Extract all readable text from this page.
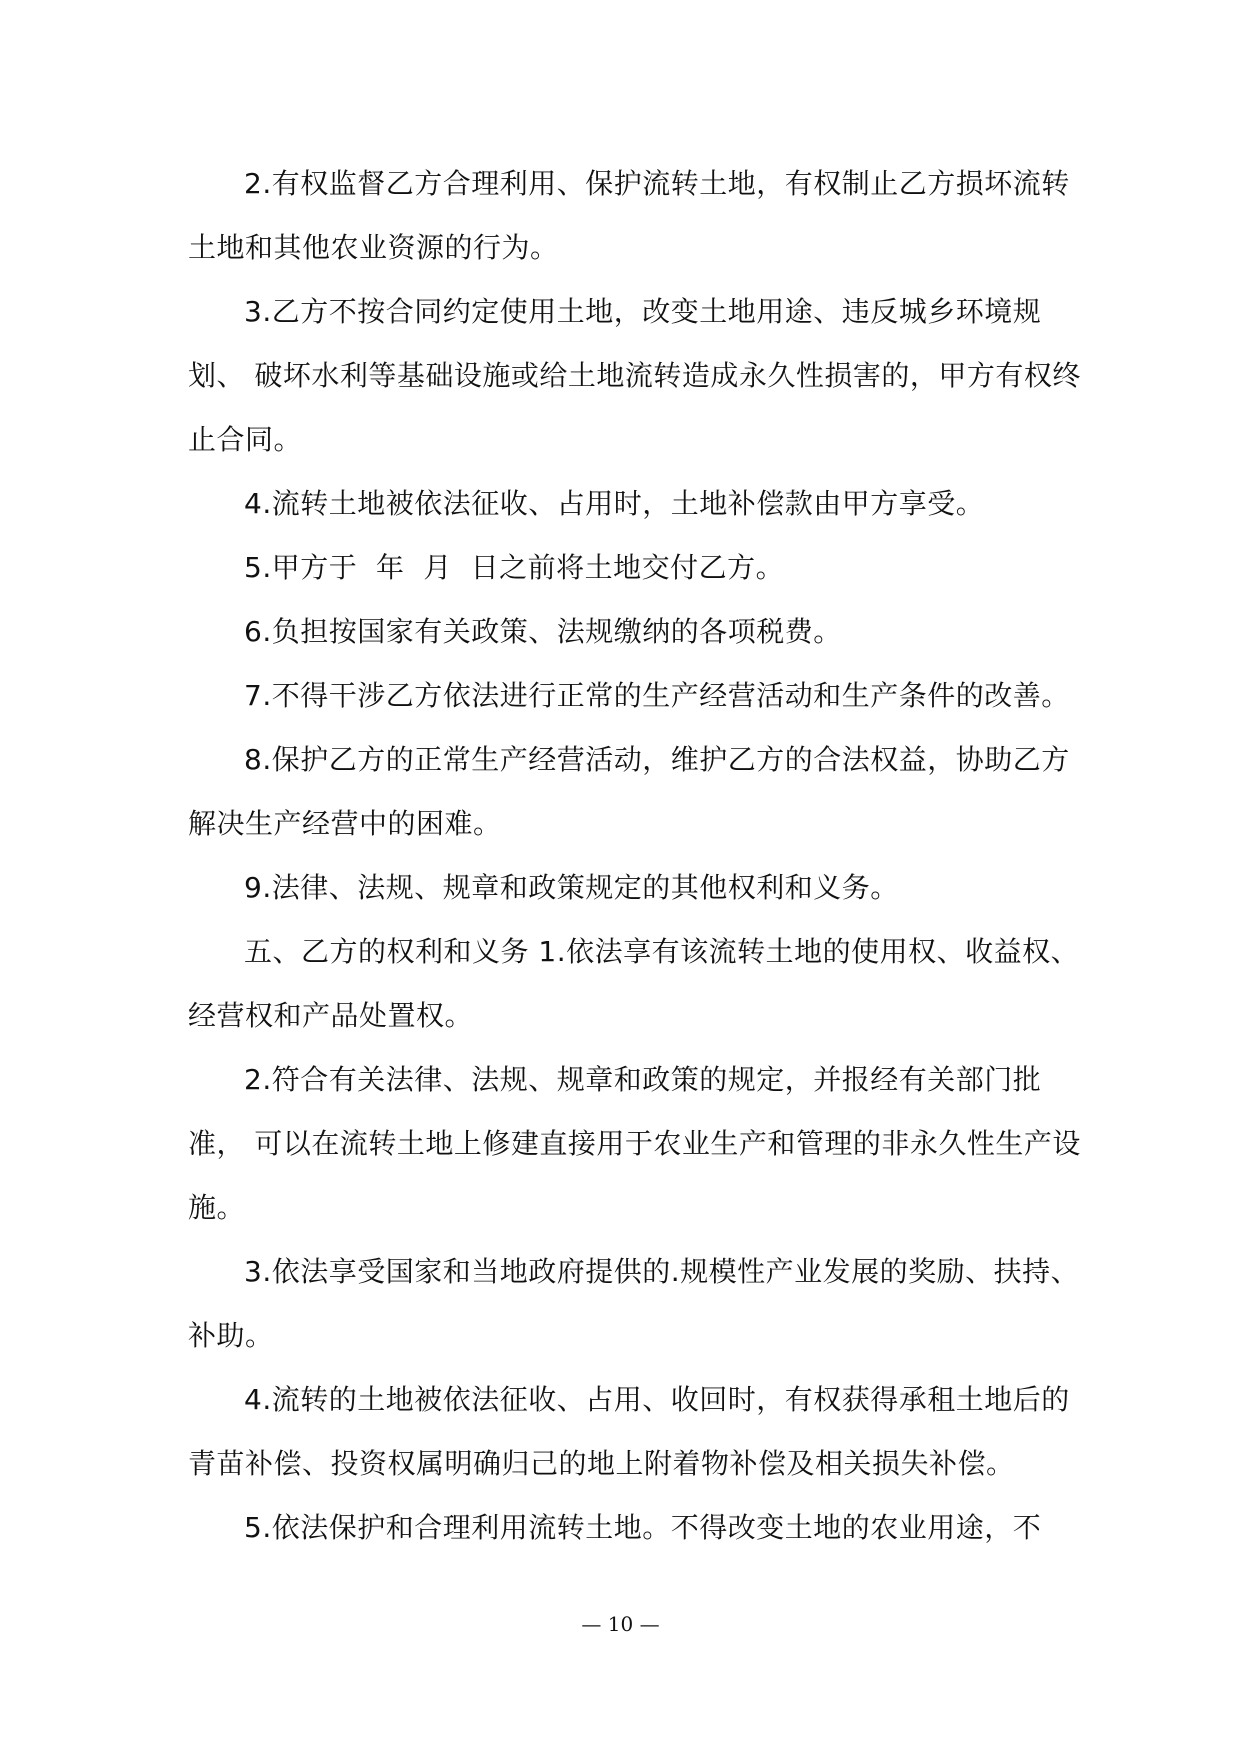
2.有权监督乙方合理利用、保护流转土地，有权制止乙方损坏流转 土地和其他农业资源的行为。

3.乙方不按合同约定使用土地，改变土地用途、违反城乡环境规划、 破坏水利等基础设施或给土地流转造成永久性损害的，甲方有权终止合同。

4.流转土地被依法征收、占用时，土地补偿款由甲方享受。

5.甲方于  年  月  日之前将土地交付乙方。

6.负担按国家有关政策、法规缴纳的各项税费。

7.不得干涉乙方依法进行正常的生产经营活动和生产条件的改善。

8.保护乙方的正常生产经营活动，维护乙方的合法权益，协助乙方 解决生产经营中的困难。

9.法律、法规、规章和政策规定的其他权利和义务。

五、乙方的权利和义务 1.依法享有该流转土地的使用权、收益权、经营权和产品处置权。

2.符合有关法律、法规、规章和政策的规定，并报经有关部门批准， 可以在流转土地上修建直接用于农业生产和管理的非永久性生产设施。

3.依法享受国家和当地政府提供的.规模性产业发展的奖励、扶持、补助。

4.流转的土地被依法征收、占用、收回时，有权获得承租土地后的 青苗补偿、投资权属明确归己的地上附着物补偿及相关损失补偿。

5.依法保护和合理利用流转土地。不得改变土地的农业用途，不

— 10 —
